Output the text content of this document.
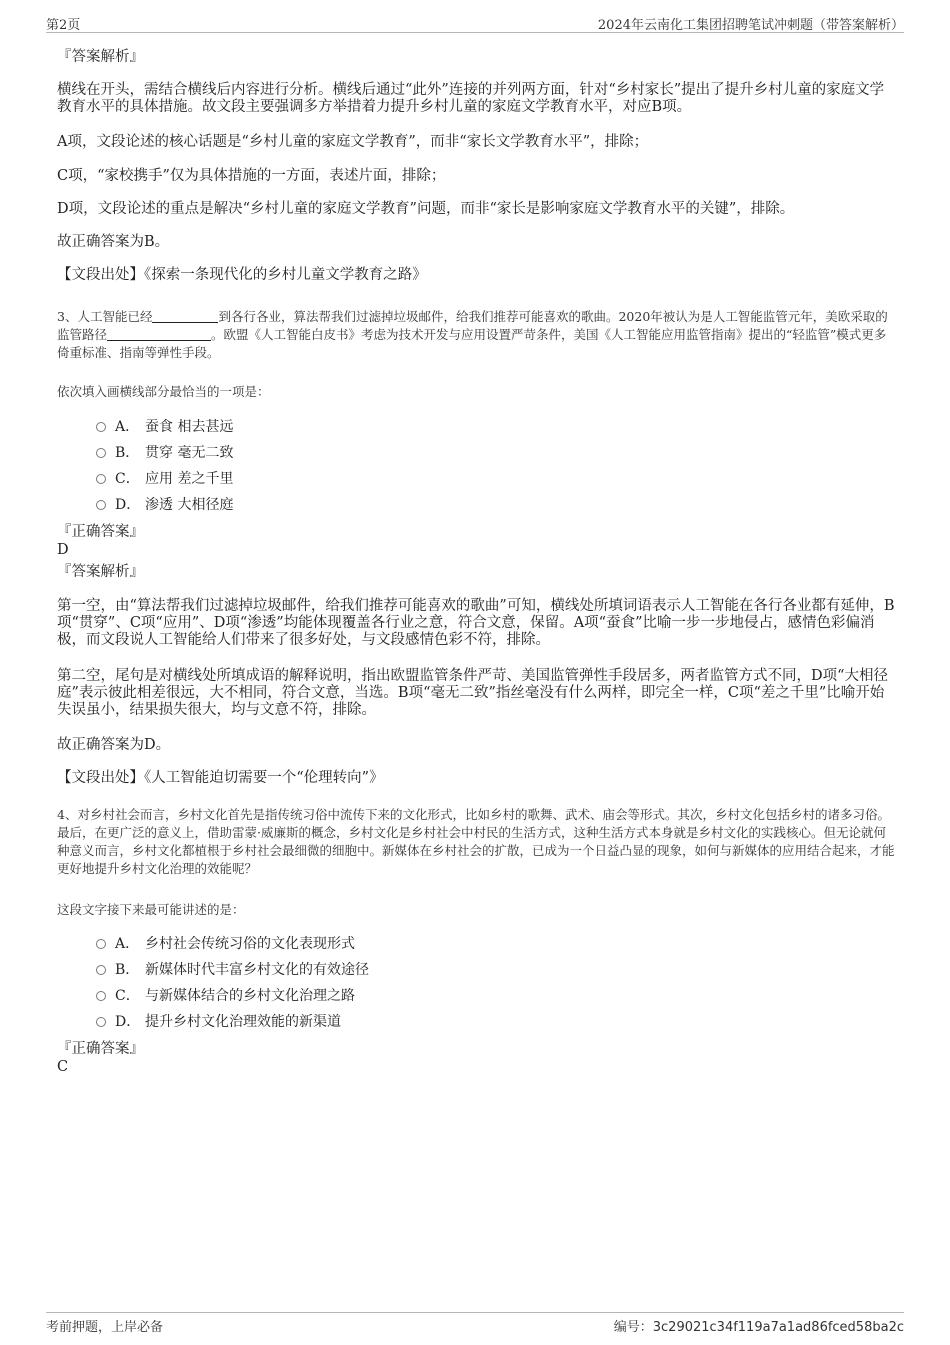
第2页	2024年云南化工集团招聘笔试冲刺题（带答案解析）
『答案解析』
横线在开头，需结合横线后内容进行分析。横线后通过“此外”连接的并列两方面，针对“乡村家长”提出了提升乡村儿童的家庭文学教育水平的具体措施。故文段主要强调多方举措着力提升乡村儿童的家庭文学教育水平，对应B项。
A项，文段论述的核心话题是“乡村儿童的家庭文学教育”，而非“家长文学教育水平”，排除；
C项，“家校携手”仅为具体措施的一方面，表述片面，排除；
D项，文段论述的重点是解决“乡村儿童的家庭文学教育”问题，而非“家长是影响家庭文学教育水平的关键”，排除。
故正确答案为B。
【文段出处】《探索一条现代化的乡村儿童文学教育之路》
3、人工智能已经	到各行各业，算法帮我们过滤掉垃圾邮件，给我们推荐可能喜欢的歌曲。2020年被认为是人工智能监管元年，美欧采取的监管路径	。欧盟《人工智能白皮书》考虑为技术开发与应用设置严苛条件，美国《人工智能应用监管指南》提出的“轻监管”模式更多倚重标准、指南等弹性手段。
依次填入画横线部分最恰当的一项是：
A． 蚕食 相去甚远
B． 贯穿 毫无二致
C． 应用 差之千里
D． 渗透 大相径庭
『正确答案』
D
『答案解析』
第一空，由“算法帮我们过滤掉垃圾邮件，给我们推荐可能喜欢的歌曲”可知，横线处所填词语表示人工智能在各行各业都有延伸，B项“贯穿”、C项“应用”、D项“渗透”均能体现覆盖各行业之意，符合文意，保留。A项“蚕食”比喻一步一步地侵占，感情色彩偏消极，而文段说人工智能给人们带来了很多好处，与文段感情色彩不符，排除。
第二空，尾句是对横线处所填成语的解释说明，指出欧盟监管条件严苛、美国监管弹性手段居多，两者监管方式不同，D项“大相径庭”表示彼此相差很远，大不相同，符合文意，当选。B项“毫无二致”指丝毫没有什么两样，即完全一样，C项“差之千里”比喻开始失误虽小，结果损失很大，均与文意不符，排除。
故正确答案为D。
【文段出处】《人工智能迫切需要一个“伦理转向”》
4、对乡村社会而言，乡村文化首先是指传统习俗中流传下来的文化形式，比如乡村的歌舞、武术、庙会等形式。其次，乡村文化包括乡村的诸多习俗。最后，在更广泛的意义上，借助雷蒙·威廉斯的概念，乡村文化是乡村社会中村民的生活方式，这种生活方式本身就是乡村文化的实践核心。但无论就何种意义而言，乡村文化都植根于乡村社会最细微的细胞中。新媒体在乡村社会的扩散，已成为一个日益凸显的现象，如何与新媒体的应用结合起来，才能更好地提升乡村文化治理的效能呢？
这段文字接下来最可能讲述的是：
A． 乡村社会传统习俗的文化表现形式
B． 新媒体时代丰富乡村文化的有效途径
C． 与新媒体结合的乡村文化治理之路
D． 提升乡村文化治理效能的新渠道
『正确答案』
C
考前押题，上岸必备	编号：3c29021c34f119a7a1ad86fced58ba2c
